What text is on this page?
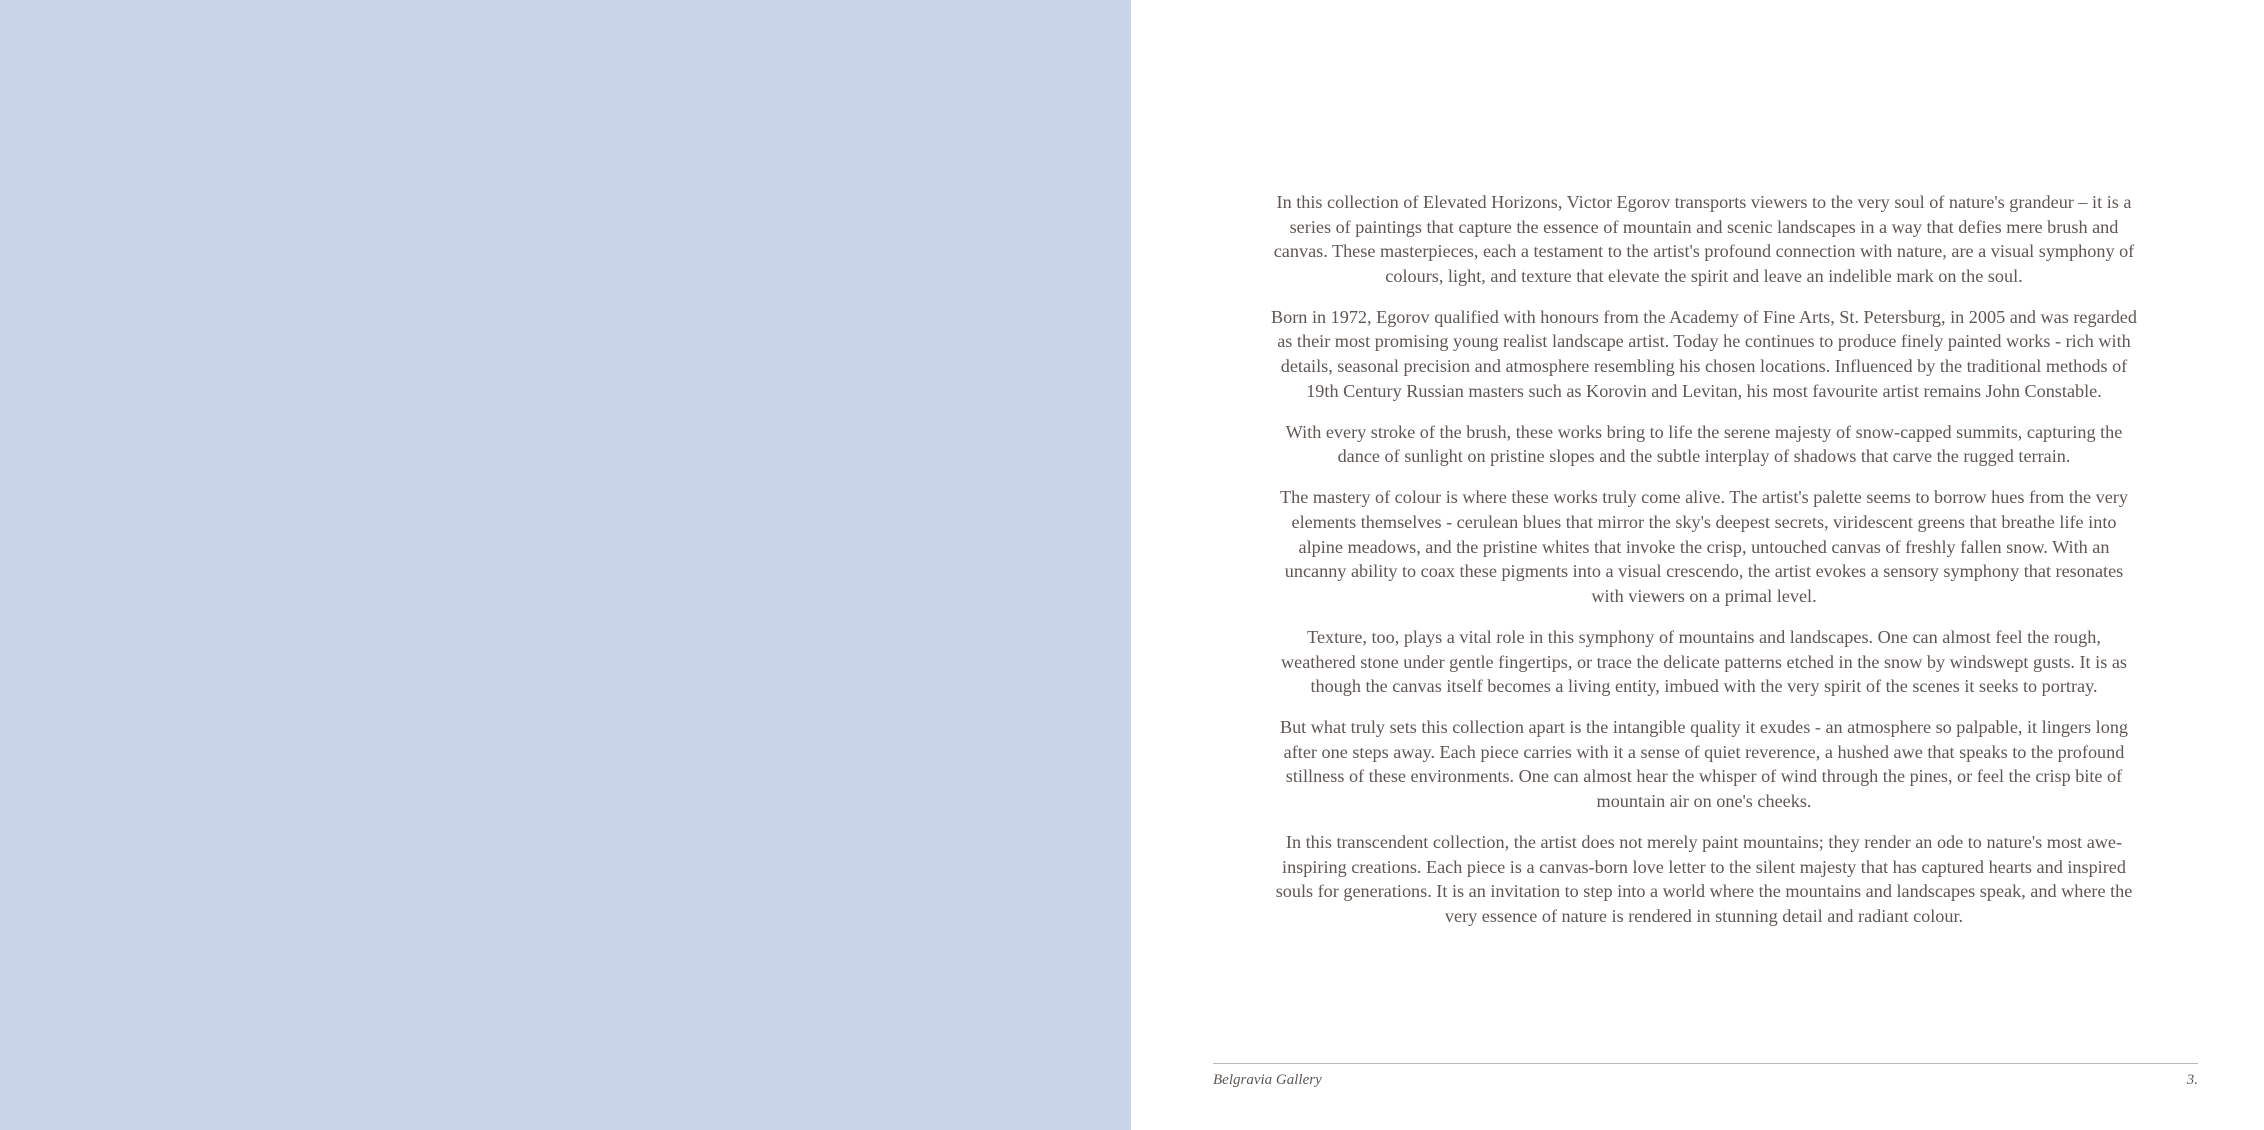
In this collection of Elevated Horizons, Victor Egorov transports viewers to the very soul of nature's grandeur – it is a series of paintings that capture the essence of mountain and scenic landscapes in a way that defies mere brush and canvas. These masterpieces, each a testament to the artist's profound connection with nature, are a visual symphony of colours, light, and texture that elevate the spirit and leave an indelible mark on the soul.

Born in 1972, Egorov qualified with honours from the Academy of Fine Arts, St. Petersburg, in 2005 and was regarded as their most promising young realist landscape artist. Today he continues to produce finely painted works - rich with details, seasonal precision and atmosphere resembling his chosen locations. Influenced by the traditional methods of 19th Century Russian masters such as Korovin and Levitan, his most favourite artist remains John Constable.

With every stroke of the brush, these works bring to life the serene majesty of snow-capped summits, capturing the dance of sunlight on pristine slopes and the subtle interplay of shadows that carve the rugged terrain.

The mastery of colour is where these works truly come alive. The artist's palette seems to borrow hues from the very elements themselves - cerulean blues that mirror the sky's deepest secrets, viridescent greens that breathe life into alpine meadows, and the pristine whites that invoke the crisp, untouched canvas of freshly fallen snow. With an uncanny ability to coax these pigments into a visual crescendo, the artist evokes a sensory symphony that resonates with viewers on a primal level.

Texture, too, plays a vital role in this symphony of mountains and landscapes. One can almost feel the rough, weathered stone under gentle fingertips, or trace the delicate patterns etched in the snow by windswept gusts. It is as though the canvas itself becomes a living entity, imbued with the very spirit of the scenes it seeks to portray.

But what truly sets this collection apart is the intangible quality it exudes - an atmosphere so palpable, it lingers long after one steps away. Each piece carries with it a sense of quiet reverence, a hushed awe that speaks to the profound stillness of these environments. One can almost hear the whisper of wind through the pines, or feel the crisp bite of mountain air on one's cheeks.

In this transcendent collection, the artist does not merely paint mountains; they render an ode to nature's most awe-inspiring creations. Each piece is a canvas-born love letter to the silent majesty that has captured hearts and inspired souls for generations. It is an invitation to step into a world where the mountains and landscapes speak, and where the very essence of nature is rendered in stunning detail and radiant colour.

Belgravia Gallery	3.
